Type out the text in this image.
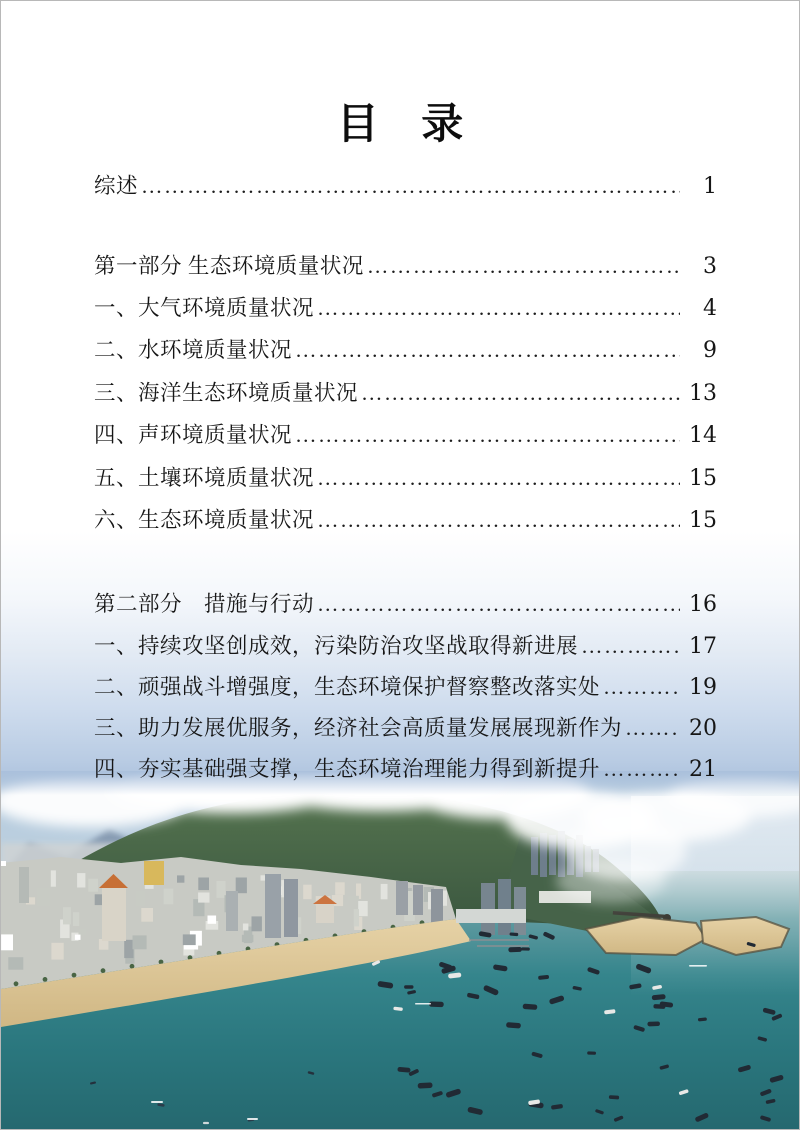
目 录
综述 ……………………………………………………………………………………………………………………	1
第一部分 生态环境质量状况 ……………………………………………………………………………………………………………………	3
一、大气环境质量状况 ……………………………………………………………………………………………………………………	4
二、水环境质量状况 ……………………………………………………………………………………………………………………	9
三、海洋生态环境质量状况 ……………………………………………………………………………………………………………………	13
四、声环境质量状况 ……………………………………………………………………………………………………………………	14
五、土壤环境质量状况 ……………………………………………………………………………………………………………………	15
六、生态环境质量状况 ……………………………………………………………………………………………………………………	15
第二部分　措施与行动 ……………………………………………………………………………………………………………………	16
一、持续攻坚创成效，污染防治攻坚战取得新进展 ……………………………………………………………………………………………………………………	17
二、顽强战斗增强度，生态环境保护督察整改落实处 ……………………………………………………………………………………………………………………	19
三、助力发展优服务，经济社会高质量发展展现新作为 ……………………………………………………………………………………………………………………	20
四、夯实基础强支撑，生态环境治理能力得到新提升 ……………………………………………………………………………………………………………………	21
